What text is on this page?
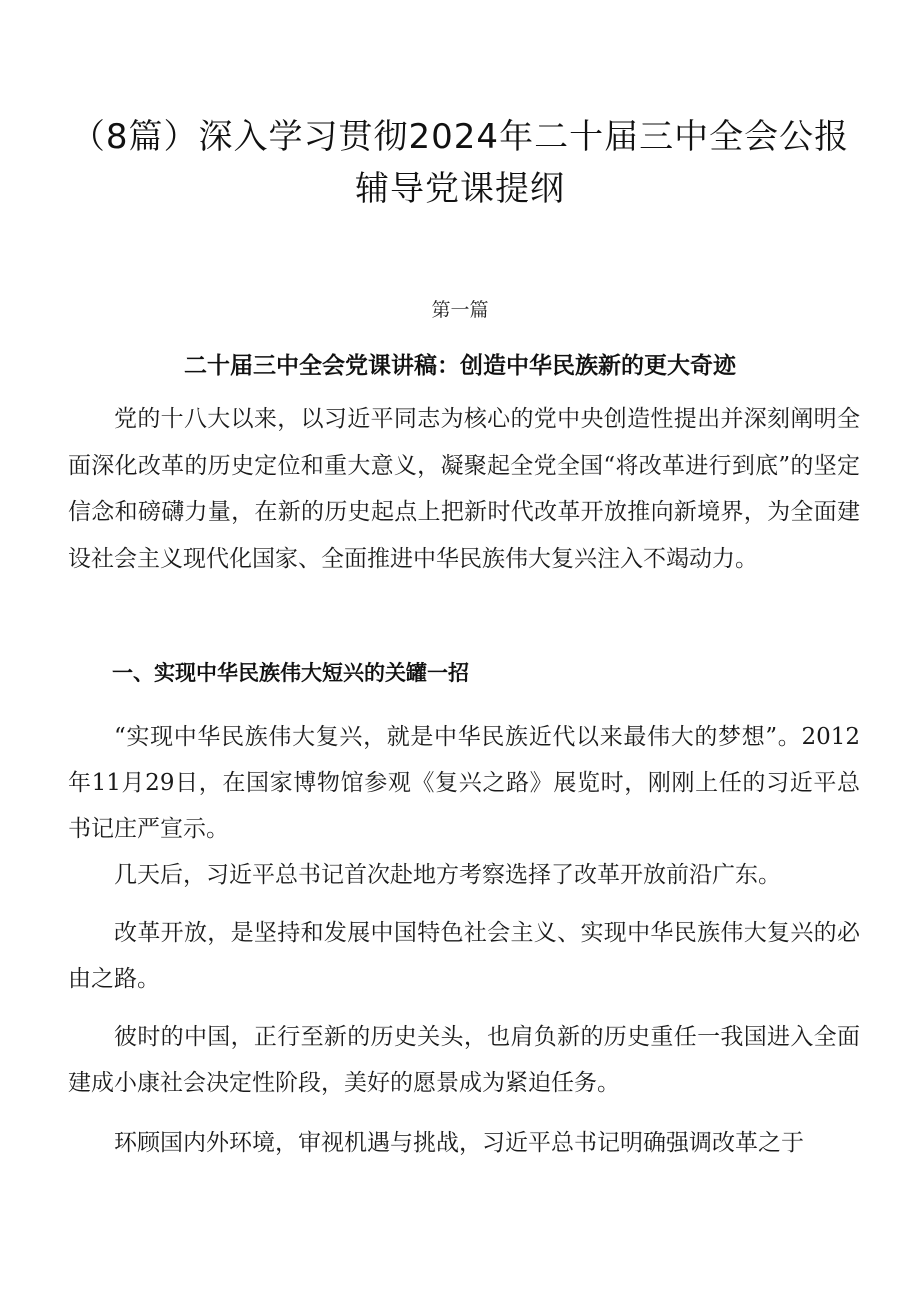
（8篇）深入学习贯彻2024年二十届三中全会公报
辅导党课提纲
第一篇
二十届三中全会党课讲稿：创造中华民族新的更大奇迹

党的十八大以来，以习近平同志为核心的党中央创造性提出并深刻阐明全面深化改革的历史定位和重大意义，凝聚起全党全国“将改革进行到底”的坚定信念和磅礴力量，在新的历史起点上把新时代改革开放推向新境界，为全面建设社会主义现代化国家、全面推进中华民族伟大复兴注入不竭动力。

一、实现中华民族伟大短兴的关罐一招

“实现中华民族伟大复兴，就是中华民族近代以来最伟大的梦想”。2012年11月29日，在国家博物馆参观《复兴之路》展览时，刚刚上任的习近平总书记庄严宣示。

几天后，习近平总书记首次赴地方考察选择了改革开放前沿广东。

改革开放，是坚持和发展中国特色社会主义、实现中华民族伟大复兴的必由之路。

彼时的中国，正行至新的历史关头，也肩负新的历史重任一我国进入全面建成小康社会决定性阶段，美好的愿景成为紧迫任务。

环顾国内外环境，审视机遇与挑战，习近平总书记明确强调改革之于
